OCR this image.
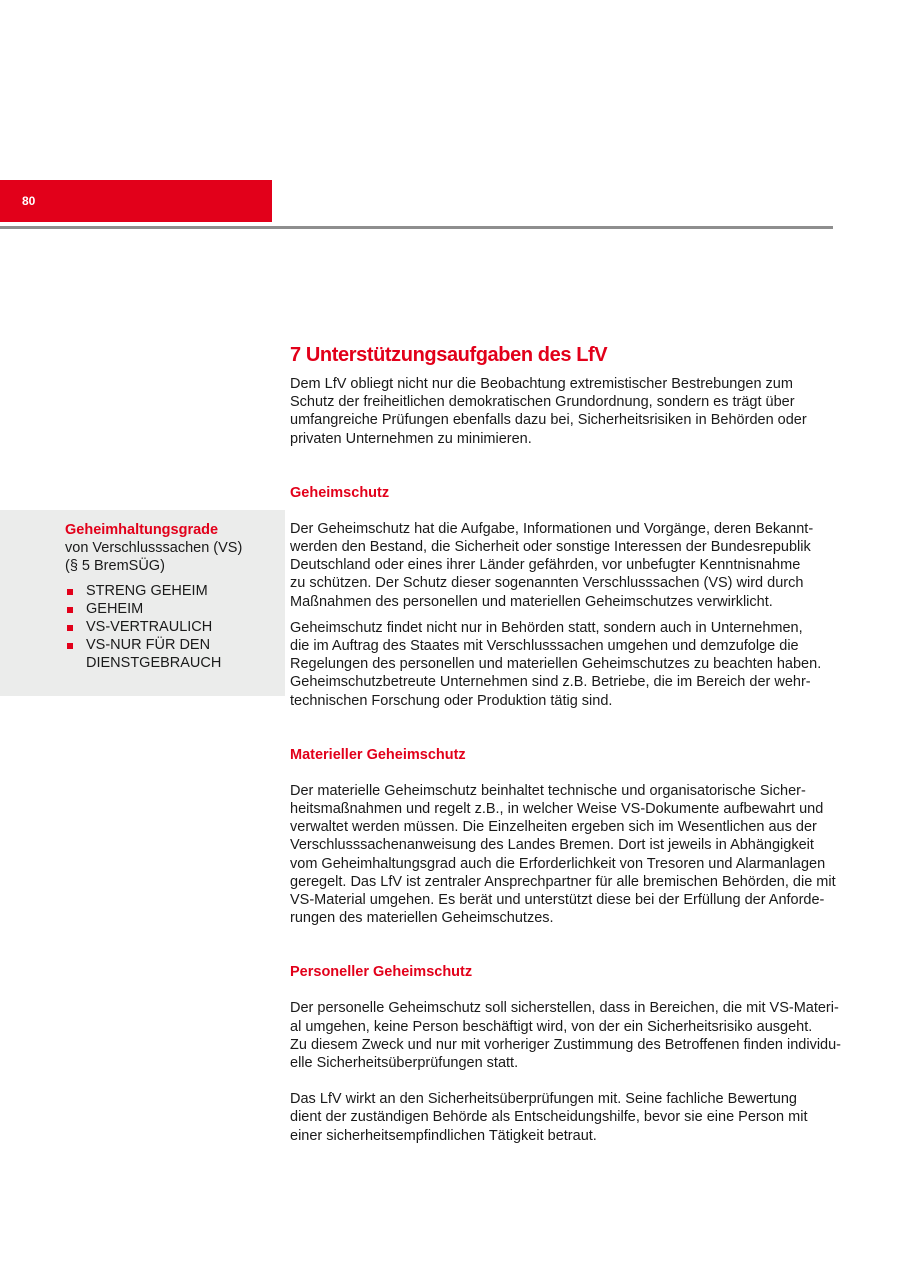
80
Geheimhaltungsgrade
von Verschlusssachen (VS)
(§ 5 BremSÜG)
STRENG GEHEIM
GEHEIM
VS-VERTRAULICH
VS-NUR FÜR DEN
DIENSTGEBRAUCH
7 Unterstützungsaufgaben des LfV

Dem LfV obliegt nicht nur die Beobachtung extremistischer Bestrebungen zum
Schutz der freiheitlichen demokratischen Grundordnung, sondern es trägt über
umfangreiche Prüfungen ebenfalls dazu bei, Sicherheitsrisiken in Behörden oder
privaten Unternehmen zu minimieren.

Geheimschutz

Der Geheimschutz hat die Aufgabe, Informationen und Vorgänge, deren Bekannt-
werden den Bestand, die Sicherheit oder sonstige Interessen der Bundesrepublik
Deutschland oder eines ihrer Länder gefährden, vor unbefugter Kenntnisnahme
zu schützen. Der Schutz dieser sogenannten Verschlusssachen (VS) wird durch
Maßnahmen des personellen und materiellen Geheimschutzes verwirklicht.

Geheimschutz findet nicht nur in Behörden statt, sondern auch in Unternehmen,
die im Auftrag des Staates mit Verschlusssachen umgehen und demzufolge die
Regelungen des personellen und materiellen Geheimschutzes zu beachten haben.
Geheimschutzbetreute Unternehmen sind z.B. Betriebe, die im Bereich der wehr-
technischen Forschung oder Produktion tätig sind.

Materieller Geheimschutz

Der materielle Geheimschutz beinhaltet technische und organisatorische Sicher-
heitsmaßnahmen und regelt z.B., in welcher Weise VS-Dokumente aufbewahrt und
verwaltet werden müssen. Die Einzelheiten ergeben sich im Wesentlichen aus der
Verschlusssachenanweisung des Landes Bremen. Dort ist jeweils in Abhängigkeit
vom Geheimhaltungsgrad auch die Erforderlichkeit von Tresoren und Alarmanlagen
geregelt. Das LfV ist zentraler Ansprechpartner für alle bremischen Behörden, die mit
VS-Material umgehen. Es berät und unterstützt diese bei der Erfüllung der Anforde-
rungen des materiellen Geheimschutzes.

Personeller Geheimschutz

Der personelle Geheimschutz soll sicherstellen, dass in Bereichen, die mit VS-Materi-
al umgehen, keine Person beschäftigt wird, von der ein Sicherheitsrisiko ausgeht.
Zu diesem Zweck und nur mit vorheriger Zustimmung des Betroffenen finden individu-
elle Sicherheitsüberprüfungen statt.

Das LfV wirkt an den Sicherheitsüberprüfungen mit. Seine fachliche Bewertung
dient der zuständigen Behörde als Entscheidungshilfe, bevor sie eine Person mit
einer sicherheitsempfindlichen Tätigkeit betraut.
